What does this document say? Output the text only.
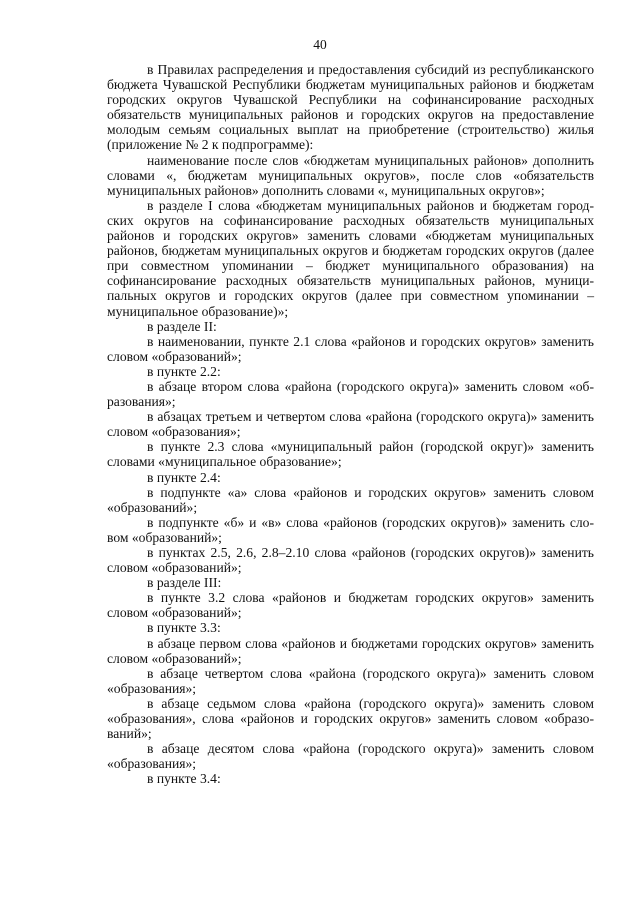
40

в Правилах распределения и предоставления субсидий из республиканского бюджета Чувашской Республики бюджетам муниципальных районов и бюджетам городских округов Чувашской Республики на софинансирование расходных обязательств муниципальных районов и городских округов на предоставление молодым семьям социальных выплат на приобретение (строительство) жилья (приложение № 2 к подпрограмме):

наименование после слов «бюджетам муниципальных районов» дополнить словами «, бюджетам муниципальных округов», после слов «обязательств муниципальных районов» дополнить словами «, муниципальных округов»;

в разделе I слова «бюджетам муниципальных районов и бюджетам городских округов на софинансирование расходных обязательств муниципальных районов и городских округов» заменить словами «бюджетам муниципальных районов, бюджетам муниципальных округов и бюджетам городских округов (далее при совместном упоминании – бюджет муниципального образования) на софинансирование расходных обязательств муниципальных районов, муниципальных округов и городских округов (далее при совместном упоминании – муниципальное образование)»;

в разделе II:

в наименовании, пункте 2.1 слова «районов и городских округов» заменить словом «образований»;

в пункте 2.2:

в абзаце втором слова «района (городского округа)» заменить словом «образования»;

в абзацах третьем и четвертом слова «района (городского округа)» заменить словом «образования»;

в пункте 2.3 слова «муниципальный район (городской округ)» заменить словами «муниципальное образование»;

в пункте 2.4:

в подпункте «а» слова «районов и городских округов» заменить словом «образований»;

в подпункте «б» и «в» слова «районов (городских округов)» заменить словом «образований»;

в пунктах 2.5, 2.6, 2.8–2.10 слова «районов (городских округов)» заменить словом «образований»;

в разделе III:

в пункте 3.2 слова «районов и бюджетам городских округов» заменить словом «образований»;

в пункте 3.3:

в абзаце первом слова «районов и бюджетами городских округов» заменить словом «образований»;

в абзаце четвертом слова «района (городского округа)» заменить словом «образования»;

в абзаце седьмом слова «района (городского округа)» заменить словом «образования», слова «районов и городских округов» заменить словом «образований»;

в абзаце десятом слова «района (городского округа)» заменить словом «образования»;

в пункте 3.4:
